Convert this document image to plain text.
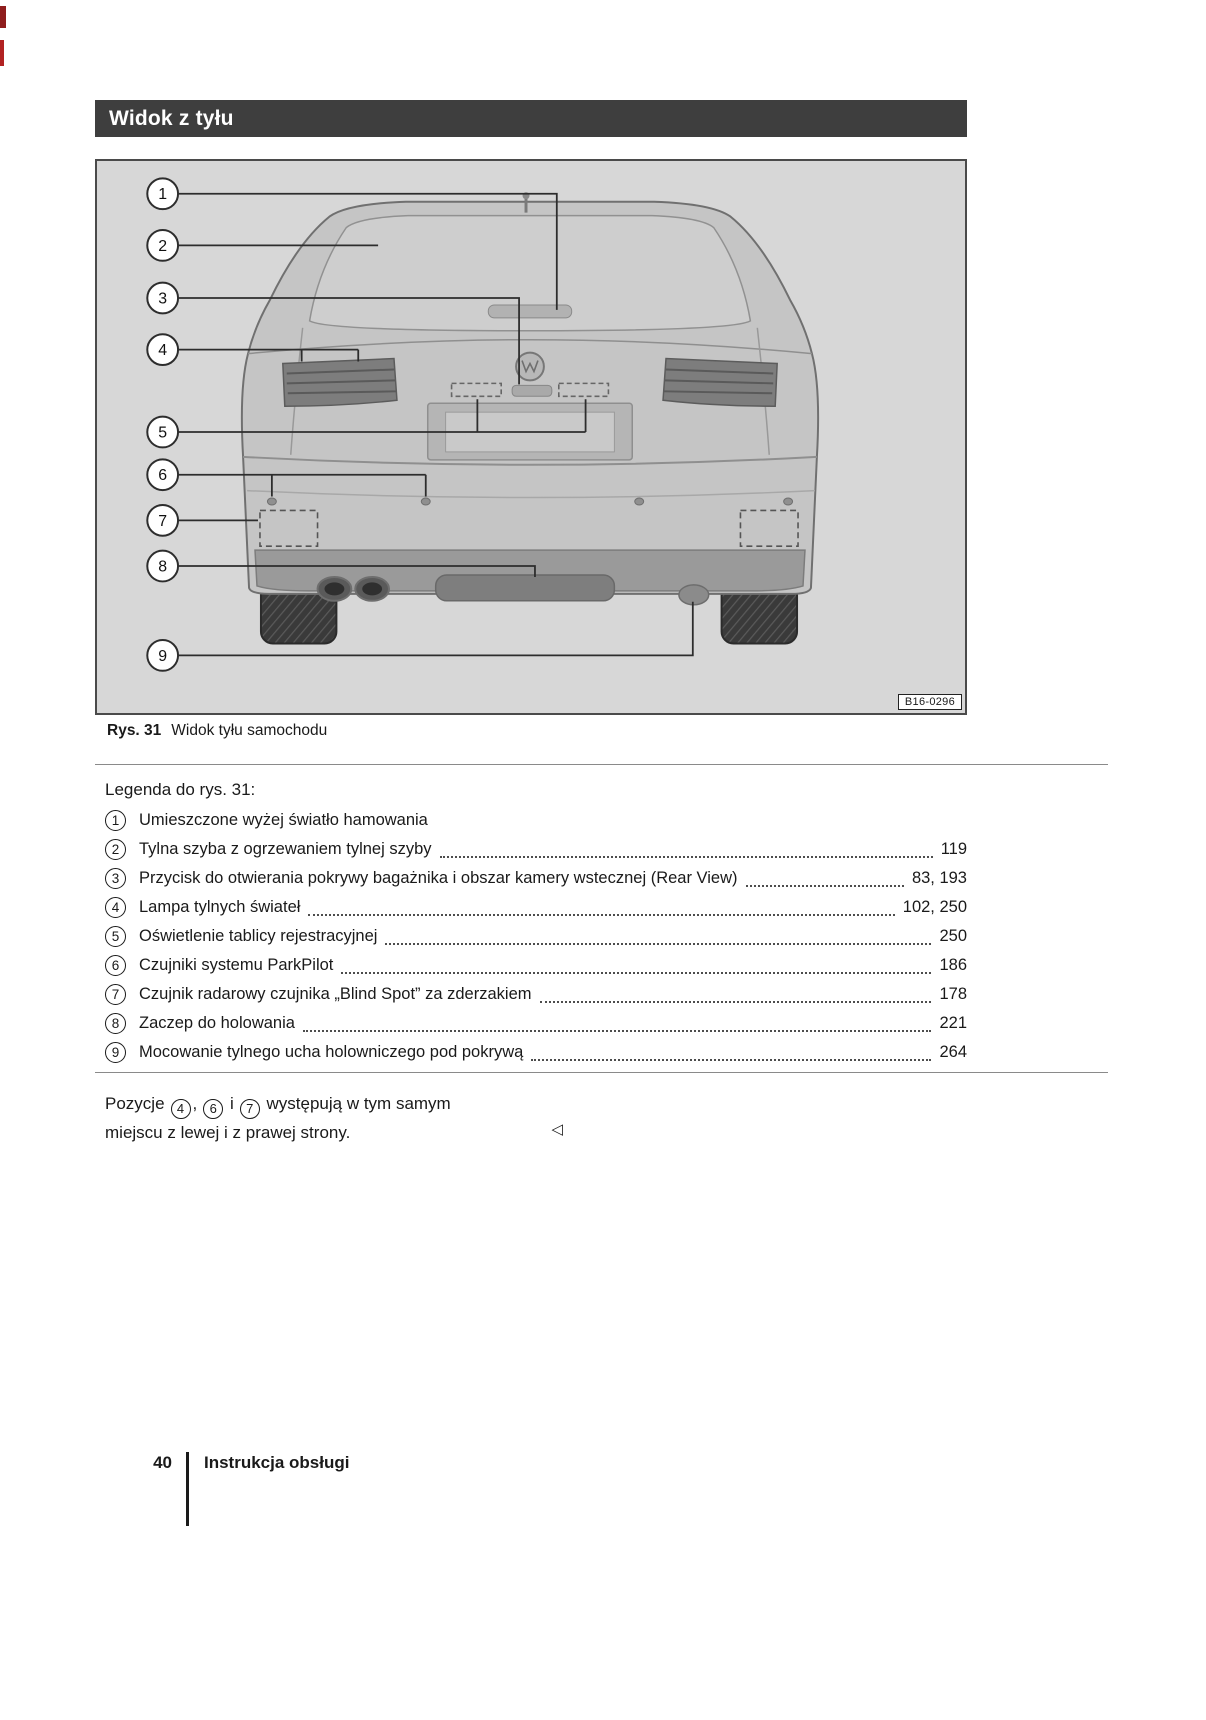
Widok z tyłu
1
2
3
4
5
6
7
8
9
B16-0296
Rys. 31 Widok tyłu samochodu
Legenda do rys. 31:
1	Umieszczone wyżej światło hamowania
2	Tylna szyba z ogrzewaniem tylnej szyby	119
3	Przycisk do otwierania pokrywy bagażnika i obszar kamery wstecznej (Rear View)	83, 193
4	Lampa tylnych świateł	102, 250
5	Oświetlenie tablicy rejestracyjnej	250
6	Czujniki systemu ParkPilot	186
7	Czujnik radarowy czujnika „Blind Spot” za zderzakiem	178
8	Zaczep do holowania	221
9	Mocowanie tylnego ucha holowniczego pod pokrywą	264
Pozycje 4 , 6 i 7 występują w tym samym
miejscu z lewej i z prawej strony.	◁
40 Instrukcja obsługi
